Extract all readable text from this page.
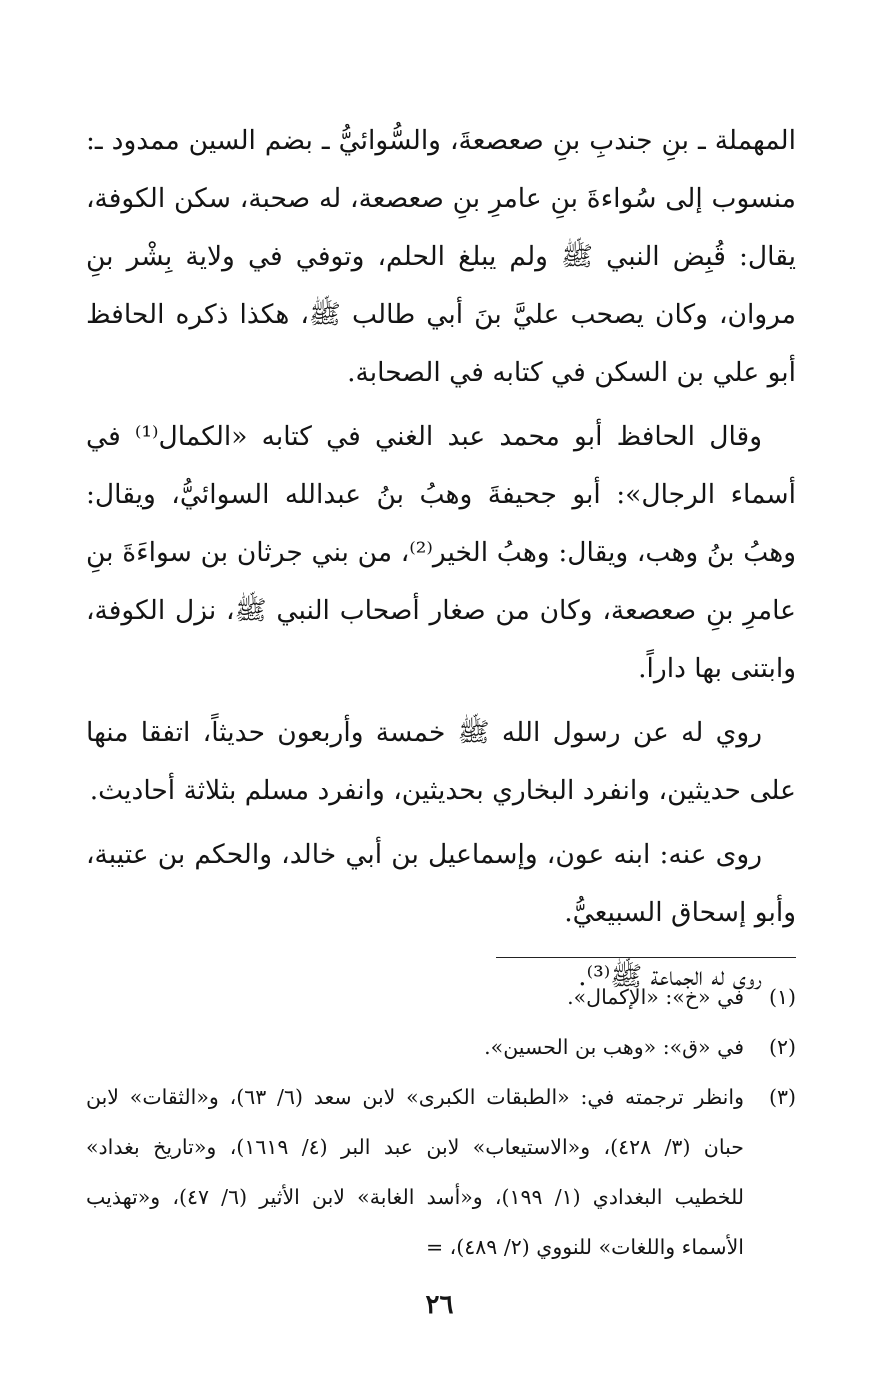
المهملة ـ بنِ جندبِ بنِ صعصعةَ، والسُّوائيُّ ـ بضم السين ممدود ـ: منسوب إلى سُواءةَ بنِ عامرِ بنِ صعصعة، له صحبة، سكن الكوفة، يقال: قُبِض النبي ﷺ ولم يبلغ الحلم، وتوفي في ولاية بِشْر بنِ مروان، وكان يصحب عليَّ بنَ أبي طالب ﷺ، هكذا ذكره الحافظ أبو علي بن السكن في كتابه في الصحابة.

وقال الحافظ أبو محمد عبد الغني في كتابه «الكمال⁽¹⁾ في أسماء الرجال»: أبو جحيفةَ وهبُ بنُ عبدالله السوائيُّ، ويقال: وهبُ بنُ وهب، ويقال: وهبُ الخير⁽²⁾، من بني جرثان بن سواءَةَ بنِ عامرِ بنِ صعصعة، وكان من صغار أصحاب النبي ﷺ، نزل الكوفة، وابتنى بها داراً.

روي له عن رسول الله ﷺ خمسة وأربعون حديثاً، اتفقا منها على حديثين، وانفرد البخاري بحديثين، وانفرد مسلم بثلاثة أحاديث.

روى عنه: ابنه عون، وإسماعيل بن أبي خالد، والحكم بن عتيبة، وأبو إسحاق السبيعيُّ.

روى له الجماعة ﷺ⁽³⁾.

(١)
في «خ»: «الإكمال».
(٢)
في «ق»: «وهب بن الحسين».
(٣)
وانظر ترجمته في: «الطبقات الكبرى» لابن سعد (٦/ ٦٣)، و«الثقات» لابن حبان (٣/ ٤٢٨)، و«الاستيعاب» لابن عبد البر (٤/ ١٦١٩)، و«تاريخ بغداد» للخطيب البغدادي (١/ ١٩٩)، و«أسد الغابة» لابن الأثير (٦/ ٤٧)، و«تهذيب الأسماء واللغات» للنووي (٢/ ٤٨٩)، =
٢٦
